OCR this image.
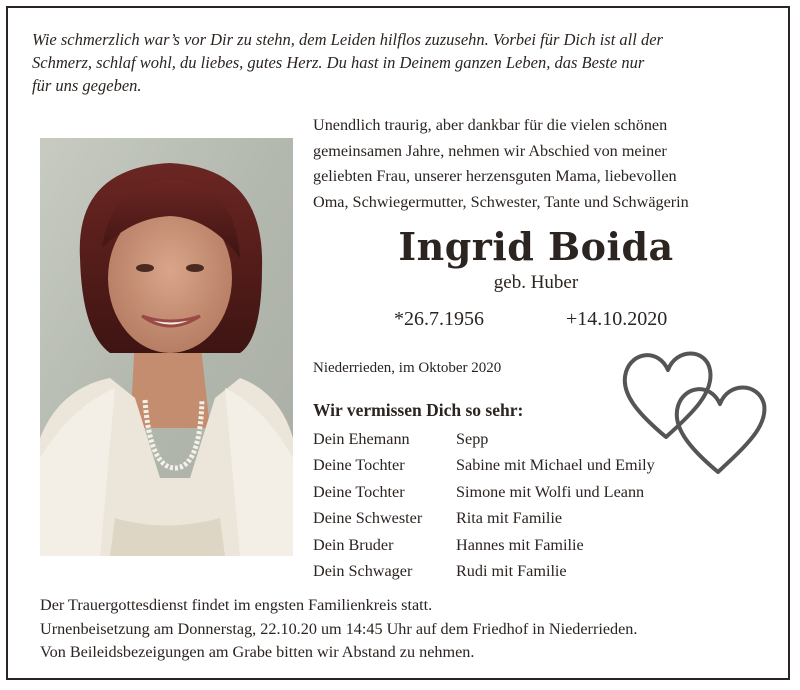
Wie schmerzlich war’s vor Dir zu stehn, dem Leiden hilflos zuzusehn. Vorbei für Dich ist all der
Schmerz, schlaf wohl, du liebes, gutes Herz. Du hast in Deinem ganzen Leben, das Beste nur
für uns gegeben.
Unendlich traurig, aber dankbar für die vielen schönen
gemeinsamen Jahre, nehmen wir Abschied von meiner
geliebten Frau, unserer herzensguten Mama, liebevollen
Oma, Schwiegermutter, Schwester, Tante und Schwägerin
Ingrid Boida
geb. Huber
*26.7.1956	+14.10.2020
Niederrieden, im Oktober 2020
Wir vermissen Dich so sehr:
Dein Ehemann	Sepp
Deine Tochter	Sabine mit Michael und Emily
Deine Tochter	Simone mit Wolfi und Leann
Deine Schwester	Rita mit Familie
Dein Bruder	Hannes mit Familie
Dein Schwager	Rudi mit Familie
Der Trauergottesdienst findet im engsten Familienkreis statt.
Urnenbeisetzung am Donnerstag, 22.10.20 um 14:45 Uhr auf dem Friedhof in Niederrieden.
Von Beileidsbezeigungen am Grabe bitten wir Abstand zu nehmen.
